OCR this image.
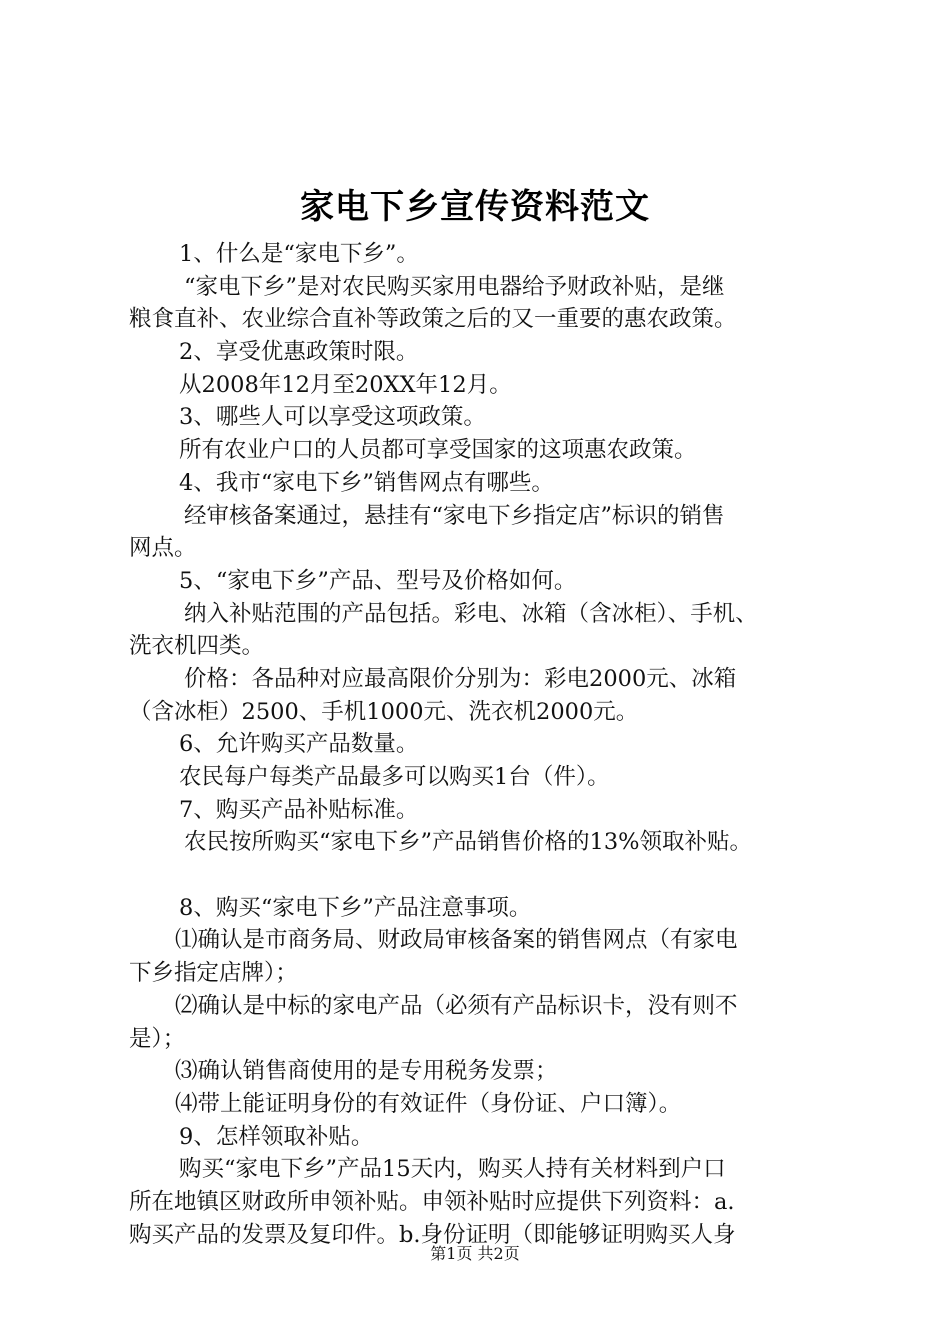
家电下乡宣传资料范文
1、什么是“家电下乡”。
“家电下乡”是对农民购买家用电器给予财政补贴，是继
粮食直补、农业综合直补等政策之后的又一重要的惠农政策。
2、享受优惠政策时限。
从2008年12月至20XX年12月。
3、哪些人可以享受这项政策。
所有农业户口的人员都可享受国家的这项惠农政策。
4、我市“家电下乡”销售网点有哪些。
经审核备案通过，悬挂有“家电下乡指定店”标识的销售
网点。
5、“家电下乡”产品、型号及价格如何。
纳入补贴范围的产品包括。彩电、冰箱（含冰柜）、手机、
洗衣机四类。
价格：各品种对应最高限价分别为：彩电2000元、冰箱
（含冰柜）2500、手机1000元、洗衣机2000元。
6、允许购买产品数量。
农民每户每类产品最多可以购买1台（件）。
7、购买产品补贴标准。
农民按所购买“家电下乡”产品销售价格的13%领取补贴。
8、购买“家电下乡”产品注意事项。
⑴确认是市商务局、财政局审核备案的销售网点（有家电
下乡指定店牌）；
⑵确认是中标的家电产品（必须有产品标识卡，没有则不
是）；
⑶确认销售商使用的是专用税务发票；
⑷带上能证明身份的有效证件（身份证、户口簿）。
9、怎样领取补贴。
购买“家电下乡”产品15天内，购买人持有关材料到户口
所在地镇区财政所申领补贴。申领补贴时应提供下列资料：a.
购买产品的发票及复印件。b.身份证明（即能够证明购买人身
第1页 共2页
